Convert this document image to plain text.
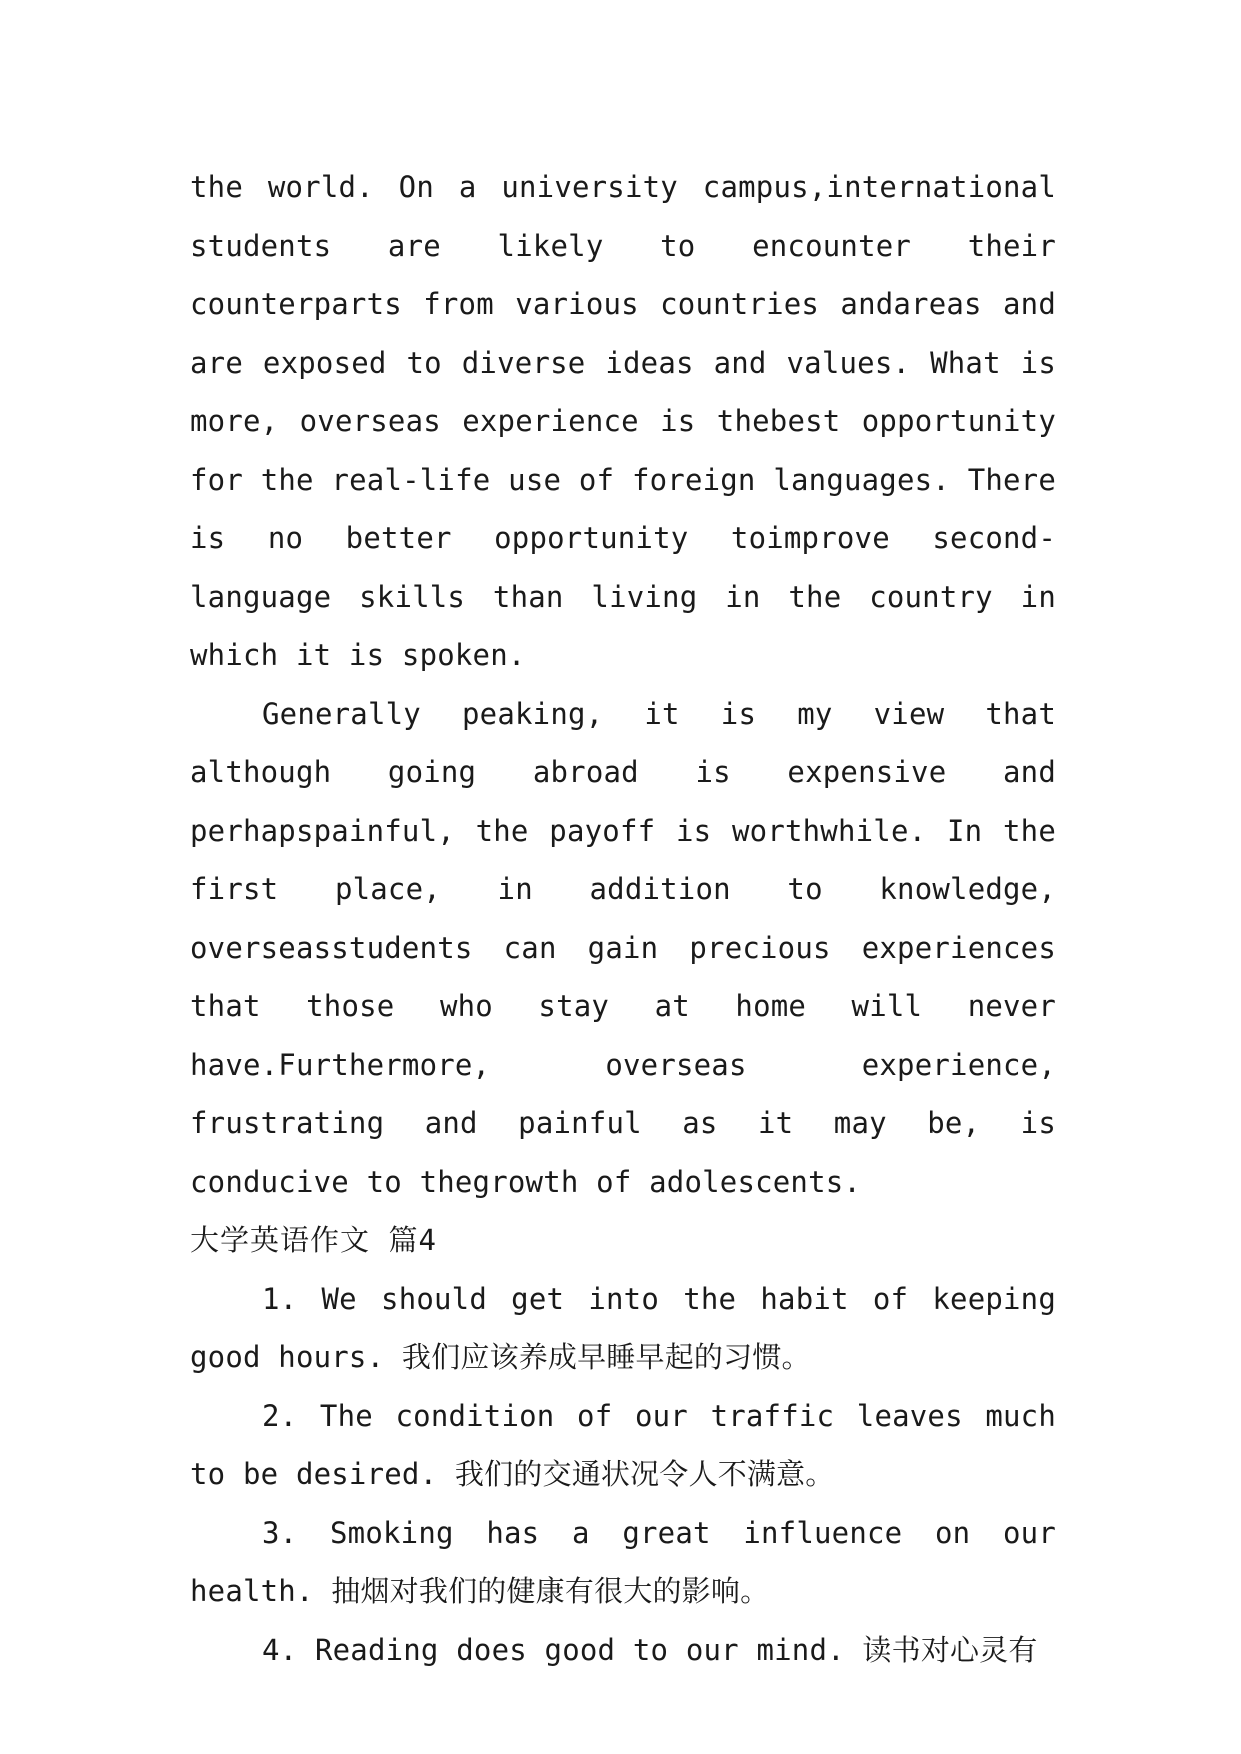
the world. On a university campus,international students are likely to encounter their counterparts from various countries andareas and are exposed to diverse ideas and values. What is more, overseas experience is thebest opportunity for the real-life use of foreign languages. There is no better opportunity toimprove second-language skills than living in the country in which it is spoken.

Generally peaking, it is my view that although going abroad is expensive and perhapspainful, the payoff is worthwhile. In the first place, in addition to knowledge, overseasstudents can gain precious experiences that those who stay at home will never have.Furthermore, overseas experience, frustrating and painful as it may be, is conducive to thegrowth of adolescents.

大学英语作文 篇4

1. We should get into the habit of keeping good hours. 我们应该养成早睡早起的习惯。

2. The condition of our traffic leaves much to be desired. 我们的交通状况令人不满意。

3. Smoking has a great influence on our health. 抽烟对我们的健康有很大的影响。

4. Reading does good to our mind. 读书对心灵有
